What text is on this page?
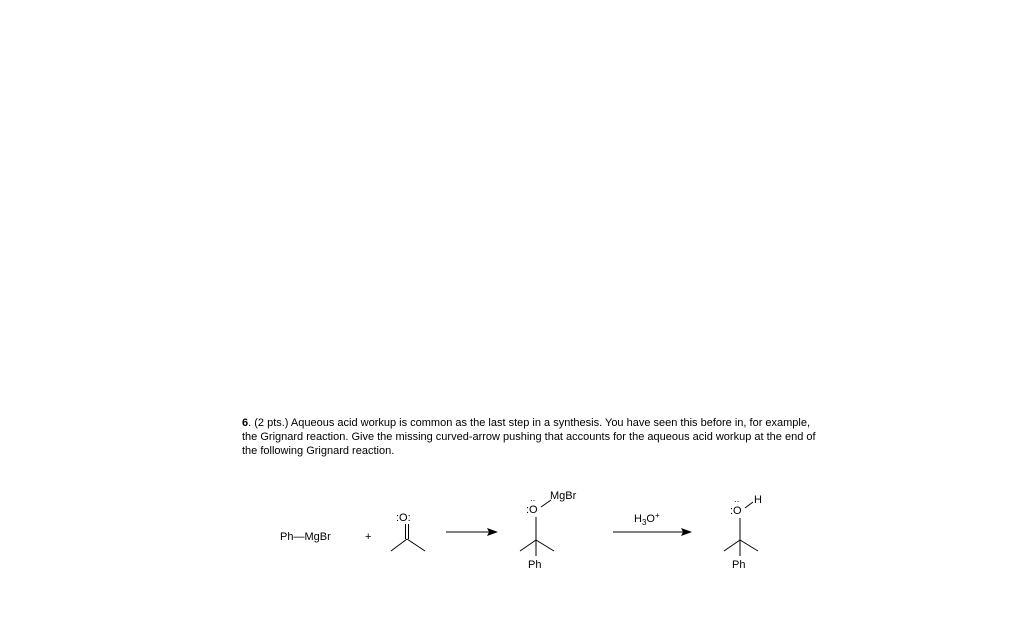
6. (2 pts.) Aqueous acid workup is common as the last step in a synthesis. You have seen this before in, for example, the Grignard reaction. Give the missing curved-arrow pushing that accounts for the aqueous acid workup at the end of the following Grignard reaction.
Ph—MgBr	+
:O:
‥
:O
MgBr
Ph
$H_3O^+$
‥
:O
H
Ph
